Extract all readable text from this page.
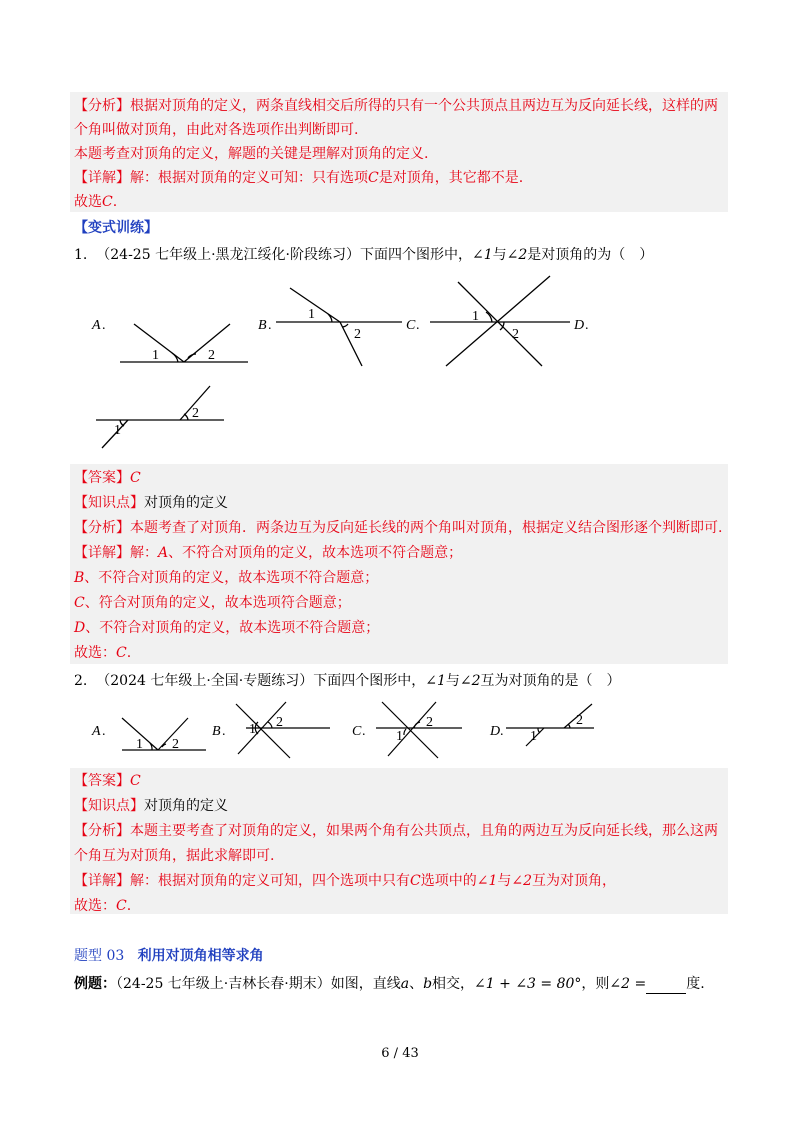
【分析】根据对顶角的定义，两条直线相交后所得的只有一个公共顶点且两边互为反向延长线，这样的两
个角叫做对顶角，由此对各选项作出判断即可.
本题考查对顶角的定义，解题的关键是理解对顶角的定义.
【详解】解：根据对顶角的定义可知：只有选项C是对顶角，其它都不是.
故选C.
【变式训练】
1. （24-25 七年级上·黑龙江绥化·阶段练习）下面四个图形中，∠1与∠2是对顶角的为（　）
A .
1	2
B .
1
2
C .
1
2
D .
1
2
【答案】C
【知识点】对顶角的定义
【分析】本题考查了对顶角．两条边互为反向延长线的两个角叫对顶角，根据定义结合图形逐个判断即可.
【详解】解：A、不符合对顶角的定义，故本选项不符合题意；
B、不符合对顶角的定义，故本选项不符合题意；
C、符合对顶角的定义，故本选项符合题意；
D、不符合对顶角的定义，故本选项不符合题意；
故选：C.
2. （2024 七年级上·全国·专题练习）下面四个图形中，∠1与∠2互为对顶角的是（　）
A .
1 2
B . 1 2
C . 1
2
D . 1
2
【答案】C
【知识点】对顶角的定义
【分析】本题主要考查了对顶角的定义，如果两个角有公共顶点，且角的两边互为反向延长线，那么这两
个角互为对顶角，据此求解即可.
【详解】解：根据对顶角的定义可知，四个选项中只有C选项中的∠1与∠2互为对顶角，
故选：C.
题型 03 利用对顶角相等求角
例题：（24-25 七年级上·吉林长春·期末）如图，直线a、b相交，∠1 + ∠3 = 80°，则∠2 =	度.
6 / 43
